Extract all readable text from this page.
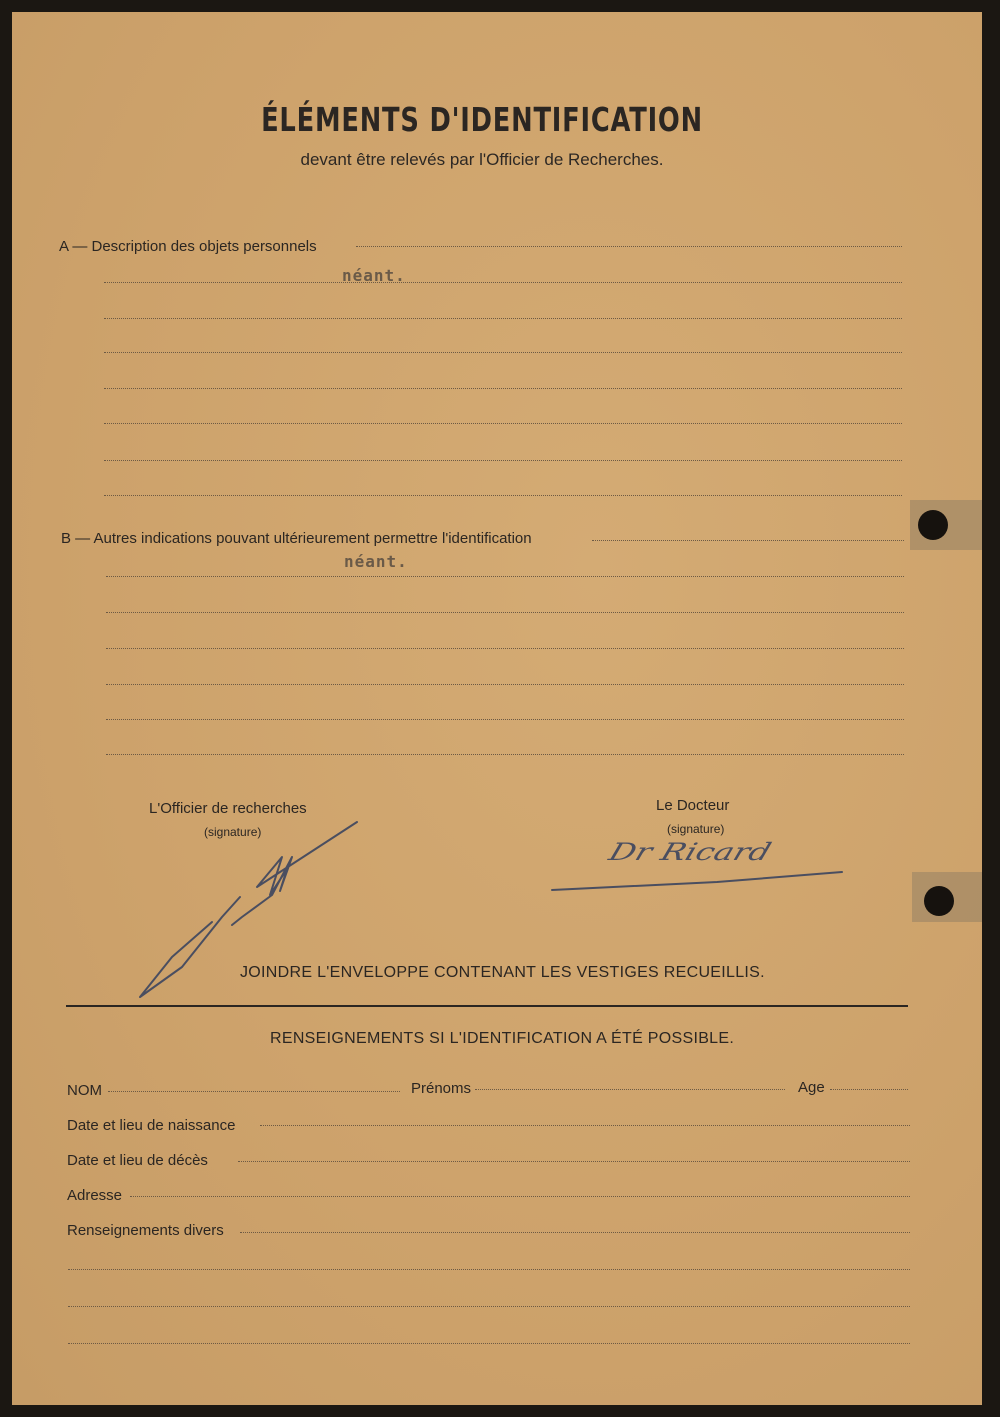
ÉLÉMENTS D'IDENTIFICATION
devant être relevés par l'Officier de Recherches.
A — Description des objets personnels
néant.
B — Autres indications pouvant ultérieurement permettre l'identification
néant.
L'Officier de recherches
(signature)
Le Docteur
(signature)
Dr Ricard
JOINDRE L'ENVELOPPE CONTENANT LES VESTIGES RECUEILLIS.
RENSEIGNEMENTS SI L'IDENTIFICATION A ÉTÉ POSSIBLE.
NOM	Prénoms	Age
Date et lieu de naissance
Date et lieu de décès
Adresse
Renseignements divers
